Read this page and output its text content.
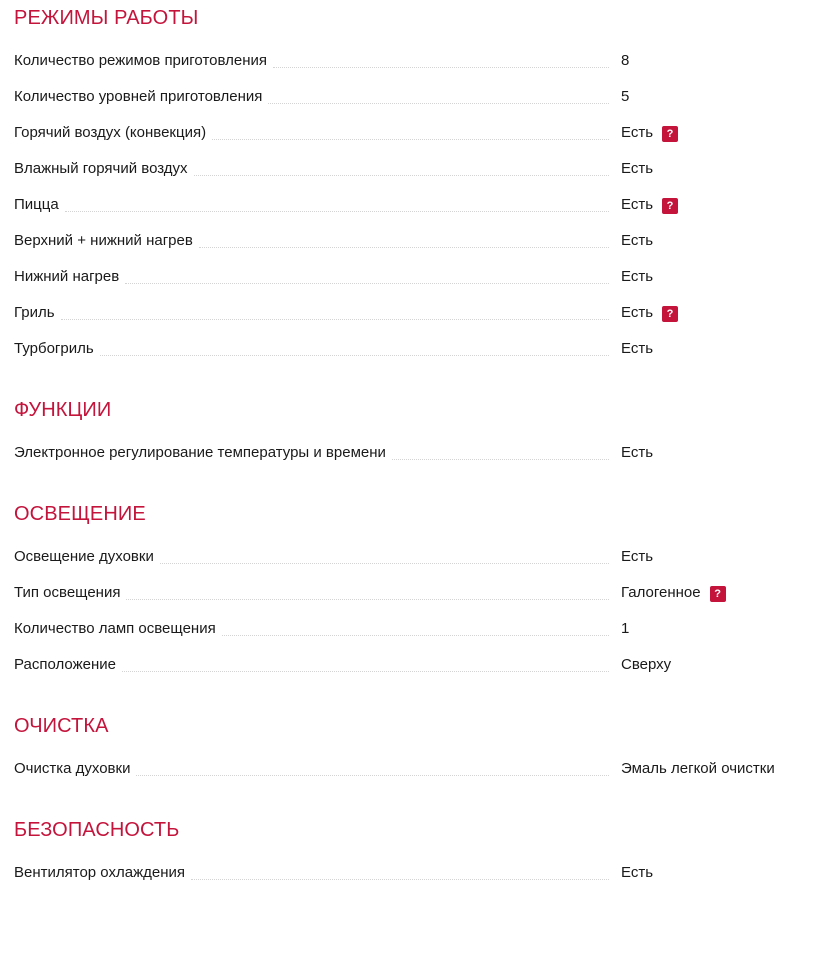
РЕЖИМЫ РАБОТЫ
Количество режимов приготовления	8
Количество уровней приготовления	5
Горячий воздух (конвекция)	Есть	?
Влажный горячий воздух	Есть
Пицца	Есть	?
Верхний + нижний нагрев	Есть
Нижний нагрев	Есть
Гриль	Есть	?
Турбогриль	Есть
ФУНКЦИИ
Электронное регулирование температуры и времени	Есть
ОСВЕЩЕНИЕ
Освещение духовки	Есть
Тип освещения	Галогенное	?
Количество ламп освещения	1
Расположение	Сверху
ОЧИСТКА
Очистка духовки	Эмаль легкой очистки
БЕЗОПАСНОСТЬ
Вентилятор охлаждения	Есть
